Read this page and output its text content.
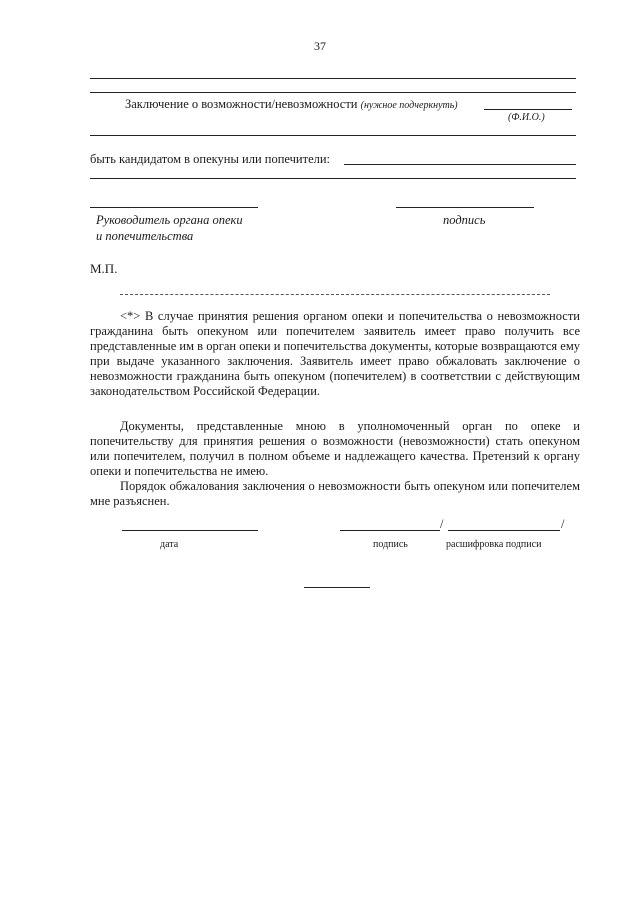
37
Заключение о возможности/невозможности (нужное подчеркнуть)
(Ф.И.О.)
быть кандидатом в опекуны или попечители:
Руководитель органа опеки
и попечительства
подпись
М.П.

<*> В случае принятия решения органом опеки и попечительства о невозможности гражданина быть опекуном или попечителем заявитель имеет право получить все представленные им в орган опеки и попечительства документы, которые возвращаются ему при выдаче указанного заключения. Заявитель имеет право обжаловать заключение о невозможности гражданина быть опекуном (попечителем) в соответствии с действующим законодательством Российской Федерации.

Документы, представленные мною в уполномоченный орган по опеке и попечительству для принятия решения о возможности (невозможности) стать опекуном или попечителем, получил в полном объеме и надлежащего качества. Претензий к органу опеки и попечительства не имею.

Порядок обжалования заключения о невозможности быть опекуном или попечителем мне разъяснен.

/	/
дата	подпись	расшифровка подписи
